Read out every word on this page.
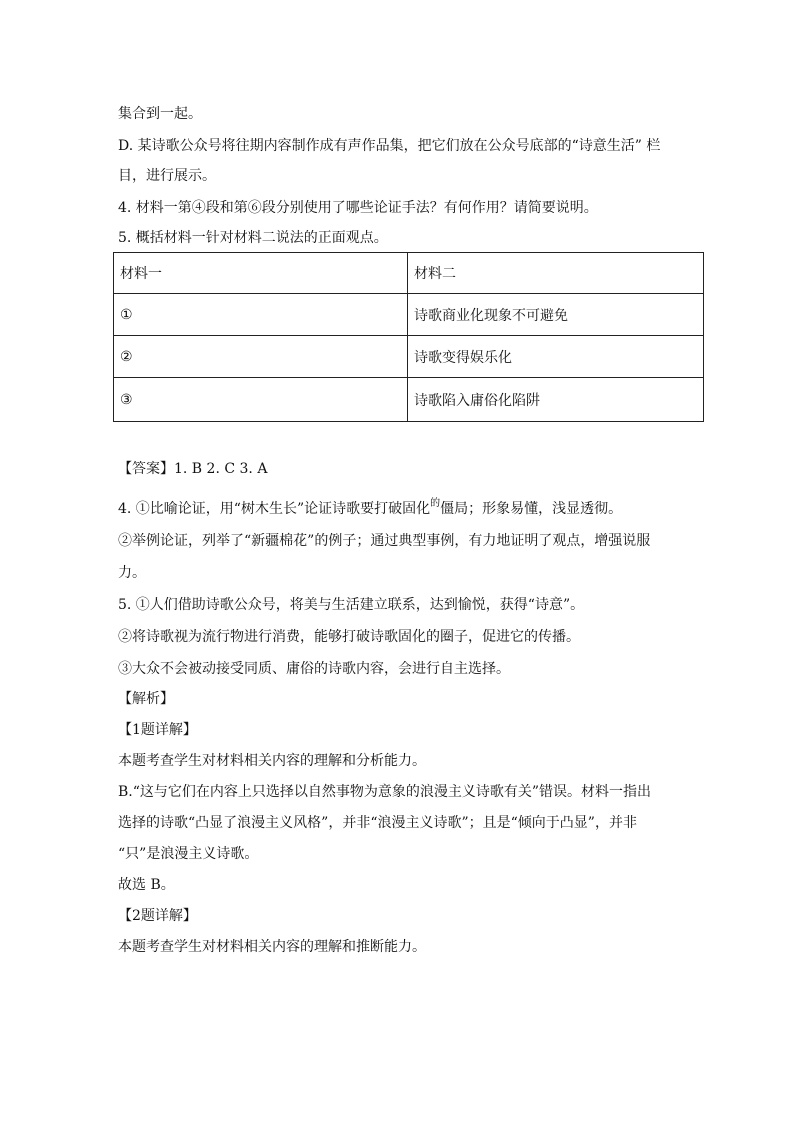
集合到一起。
D. 某诗歌公众号将往期内容制作成有声作品集，把它们放在公众号底部的“诗意生活” 栏
目，进行展示。
4. 材料一第④段和第⑥段分别使用了哪些论证手法？有何作用？请简要说明。
5. 概括材料一针对材料二说法的正面观点。
材料一	材料二
①	诗歌商业化现象不可避免
②	诗歌变得娱乐化
③	诗歌陷入庸俗化陷阱
【答案】1. B 2. C 3. A
4. ①比喻论证，用“树木生长”论证诗歌要打破固化$^的$僵局；形象易懂，浅显透彻。
②举例论证，列举了“新疆棉花”的例子；通过典型事例，有力地证明了观点，增强说服
力。
5. ①人们借助诗歌公众号，将美与生活建立联系，达到愉悦，获得“诗意”。
②将诗歌视为流行物进行消费，能够打破诗歌固化的圈子，促进它的传播。
③大众不会被动接受同质、庸俗的诗歌内容，会进行自主选择。
【解析】
【1题详解】
本题考查学生对材料相关内容的理解和分析能力。
B.“这与它们在内容上只选择以自然事物为意象的浪漫主义诗歌有关”错误。材料一指出
选择的诗歌“凸显了浪漫主义风格”，并非“浪漫主义诗歌”；且是“倾向于凸显”，并非
“只”是浪漫主义诗歌。
故选 B。
【2题详解】
本题考查学生对材料相关内容的理解和推断能力。
